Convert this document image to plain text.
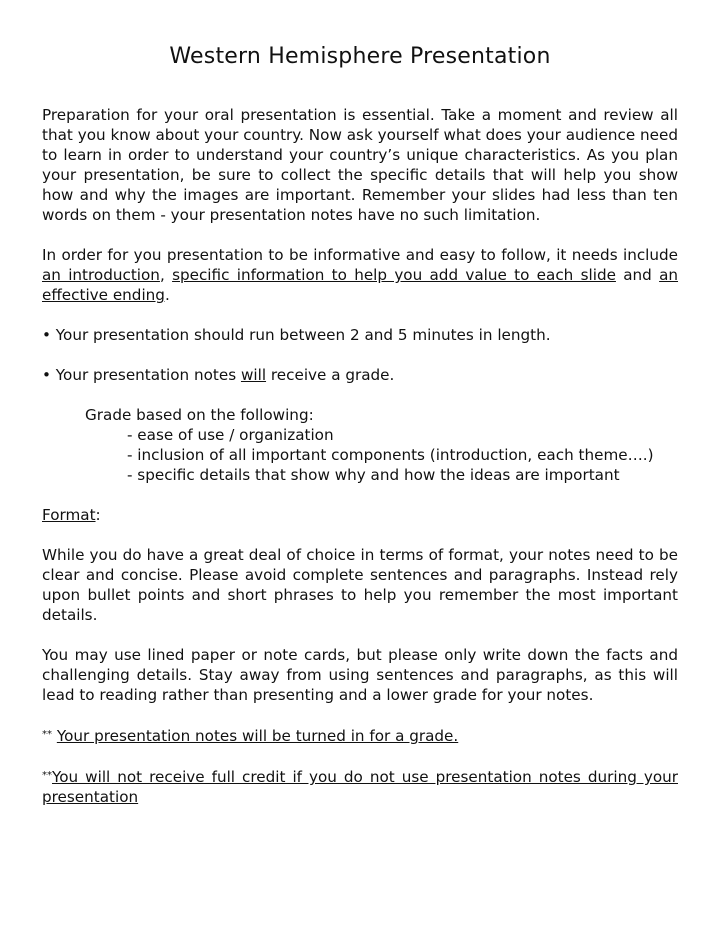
Western Hemisphere Presentation

Preparation for your oral presentation is essential. Take a moment and review all that you know about your country. Now ask yourself what does your audience need to learn in order to understand your country’s unique characteristics. As you plan your presentation, be sure to collect the specific details that will help you show how and why the images are important. Remember your slides had less than ten words on them - your presentation notes have no such limitation.

In order for you presentation to be informative and easy to follow, it needs include an introduction, specific information to help you add value to each slide and an effective ending.

• Your presentation should run between 2 and 5 minutes in length.
• Your presentation notes will receive a grade.
Grade based on the following:
- ease of use / organization
- inclusion of all important components (introduction, each theme….)
- specific details that show why and how the ideas are important
Format:

While you do have a great deal of choice in terms of format, your notes need to be clear and concise. Please avoid complete sentences and paragraphs. Instead rely upon bullet points and short phrases to help you remember the most important details.

You may use lined paper or note cards, but please only write down the facts and challenging details. Stay away from using sentences and paragraphs, as this will lead to reading rather than presenting and a lower grade for your notes.

** Your presentation notes will be turned in for a grade.
**You will not receive full credit if you do not use presentation notes during your
presentation
